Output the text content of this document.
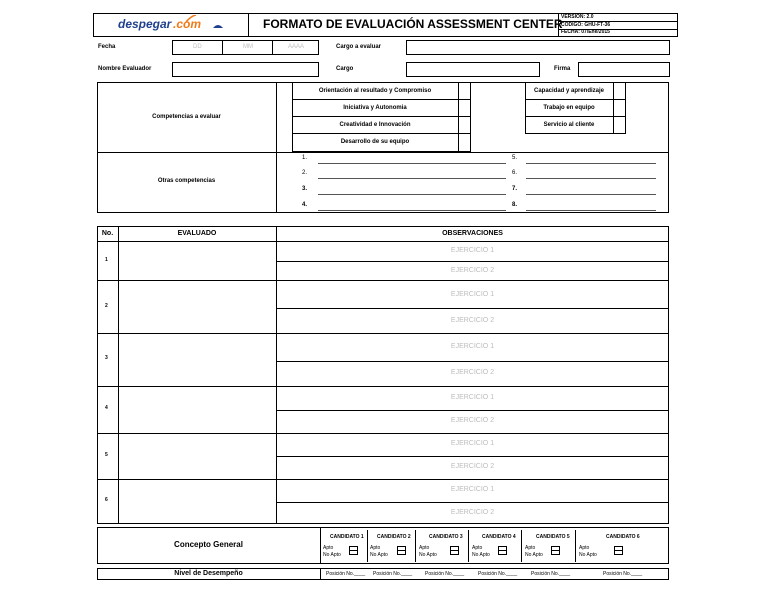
despegar .com	FORMATO DE EVALUACIÓN ASSESSMENT CENTER
VERSION: 2.0
CODIGO: GHU-FT-36
FECHA: 07/Ene/2015
Fecha	DD	MM	AAAA	Cargo a evaluar
Nombre Evaluador	Cargo	Firma
Competencias a evaluar
Orientación al resultado y Compromiso
Iniciativa y Autonomia
Creatividad e Innovación
Desarrollo de su equipo
Capacidad y aprendizaje
Trabajo en equipo
Servicio al cliente
Otras competencias
1.
2.
3.
4.
5.
6.
7.
8.
No.	EVALUADO	OBSERVACIONES
1
EJERCICIO 1
EJERCICIO 2
2
EJERCICIO 1
EJERCICIO 2
3
EJERCICIO 1
EJERCICIO 2
4
EJERCICIO 1
EJERCICIO 2
5
EJERCICIO 1
EJERCICIO 2
6
EJERCICIO 1
EJERCICIO 2
Concepto General
CANDIDATO 1
Apto
No Apto
CANDIDATO 2
Apto
No Apto
CANDIDATO 3
Apto
No Apto
CANDIDATO 4
Apto
No Apto
CANDIDATO 5
Apto
No Apto
CANDIDATO 6
Apto
No Apto
Nivel de Desempeño	Posición No.____ Posición No.____	Posición No.____	Posición No.____	Posición No.____	Posición No.____
